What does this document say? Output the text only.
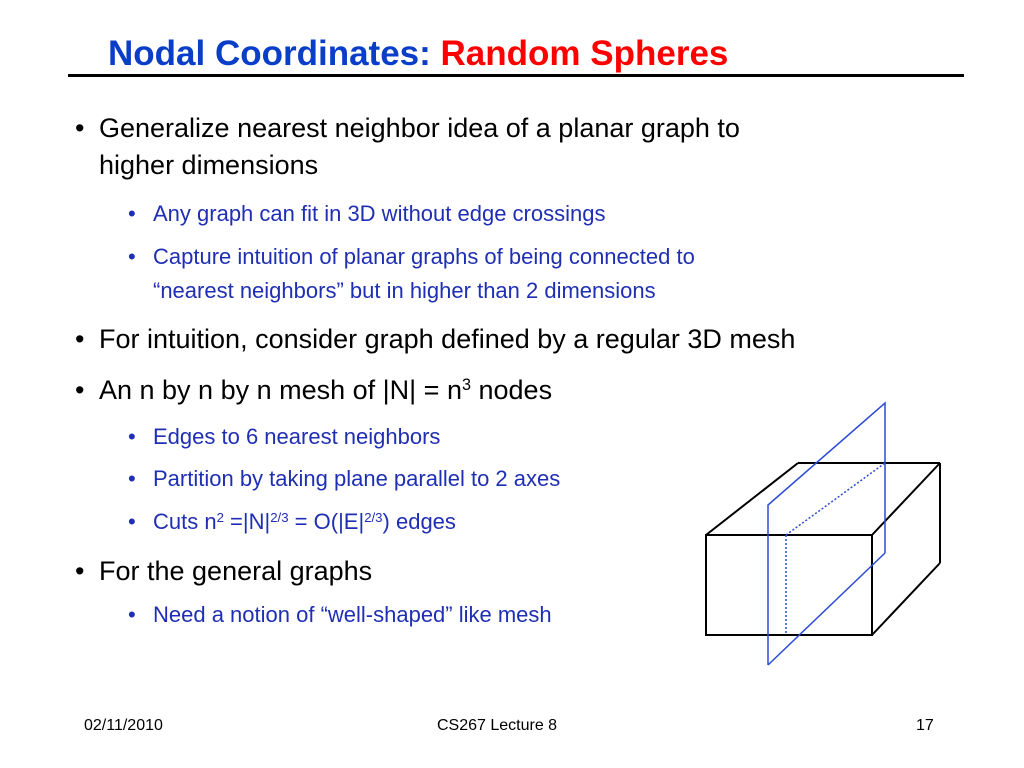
Nodal Coordinates: Random Spheres
• Generalize nearest neighbor idea of a planar graph to
higher dimensions
• Any graph can fit in 3D without edge crossings
• Capture intuition of planar graphs of being connected to
“nearest neighbors” but in higher than 2 dimensions
• For intuition, consider graph defined by a regular 3D mesh
• An n by n by n mesh of $|N| = n^3$ nodes
• Edges to 6 nearest neighbors
• Partition by taking plane parallel to 2 axes
• Cuts $n^2 =|N|^{2/3} = O(|E|^{2/3})$ edges
• For the general graphs
• Need a notion of “well-shaped” like mesh
02/11/2010	CS267 Lecture 8	17
